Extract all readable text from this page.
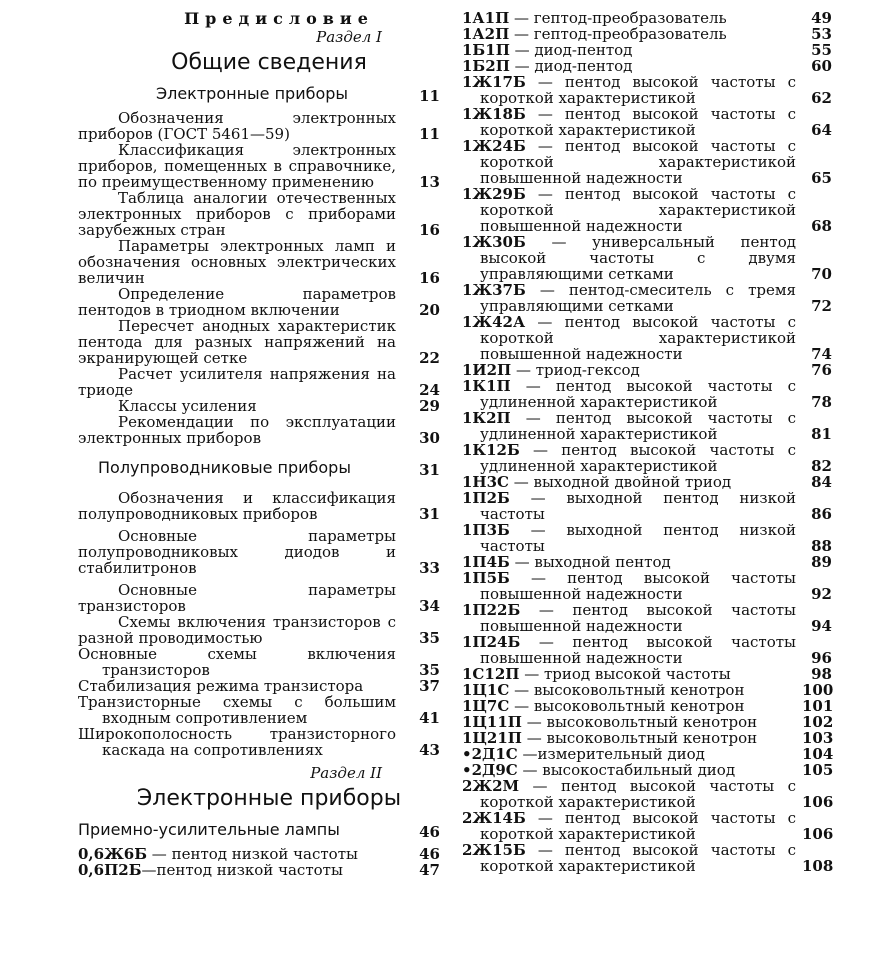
Предисловие
Раздел I
Общие сведения
Электронные приборы	11
Обозначения электронных приборов (ГОСТ 5461—59)	11
Классификация электронных приборов, помещенных в справочнике, по преимущественному применению	13
Таблица аналогии отечественных электронных приборов с приборами зарубежных стран	16
Параметры электронных ламп и обозначения основных электрических величин	16
Определение параметров пентодов в триодном включении	20
Пересчет анодных характеристик пентода для разных напряжений на экранирующей сетке	22
Расчет усилителя напряжения на триоде	24
Классы усиления	29
Рекомендации по эксплуатации электронных приборов	30
Полупроводниковые приборы	31
Обозначения и классификация полупроводниковых приборов	31
Основные параметры полупроводниковых диодов и стабилитронов	33
Основные параметры транзисторов	34
Схемы включения транзисторов с разной проводимостью	35
Основные схемы включения транзисторов	35
Стабилизация режима транзистора	37
Транзисторные схемы с большим входным сопротивлением	41
Широкополосность транзисторного каскада на сопротивлениях	43
Раздел II
Электронные приборы
Приемно-усилительные лампы	46
0,6Ж6Б — пентод низкой частоты	46
0,6П2Б—пентод низкой частоты	47
1А1П — гептод-преобразователь	49
1А2П — гептод-преобразователь	53
1Б1П — диод-пентод	55
1Б2П — диод-пентод	60
1Ж17Б — пентод высокой частоты с короткой характеристикой	62
1Ж18Б — пентод высокой частоты с короткой характеристикой	64
1Ж24Б — пентод высокой частоты с короткой характеристикой повышенной надежности	65
1Ж29Б — пентод высокой частоты с короткой характеристикой повышенной надежности	68
1Ж30Б — универсальный пентод высокой частоты с двумя управляющими сетками	70
1Ж37Б — пентод-смеситель с тремя управляющими сетками	72
1Ж42А — пентод высокой частоты с короткой характеристикой повышенной надежности	74
1И2П — триод-гексод	76
1К1П — пентод высокой частоты с удлиненной характеристикой	78
1К2П — пентод высокой частоты с удлиненной характеристикой	81
1К12Б — пентод высокой частоты с удлиненной характеристикой	82
1Н3С — выходной двойной триод	84
1П2Б — выходной пентод низкой частоты	86
1П3Б — выходной пентод низкой частоты	88
1П4Б — выходной пентод	89
1П5Б — пентод высокой частоты повышенной надежности	92
1П22Б — пентод высокой частоты повышенной надежности	94
1П24Б — пентод высокой частоты повышенной надежности	96
1С12П — триод высокой частоты	98
1Ц1С — высоковольтный кенотрон	100
1Ц7С — высоковольтный кенотрон	101
1Ц11П — высоковольтный кенотрон	102
1Ц21П — высоковольтный кенотрон	103
•2Д1С —измерительный диод	104
•2Д9С — высокостабильный диод	105
2Ж2М — пентод высокой частоты с короткой характеристикой	106
2Ж14Б — пентод высокой частоты с короткой характеристикой	106
2Ж15Б — пентод высокой частоты с короткой характеристикой	108
